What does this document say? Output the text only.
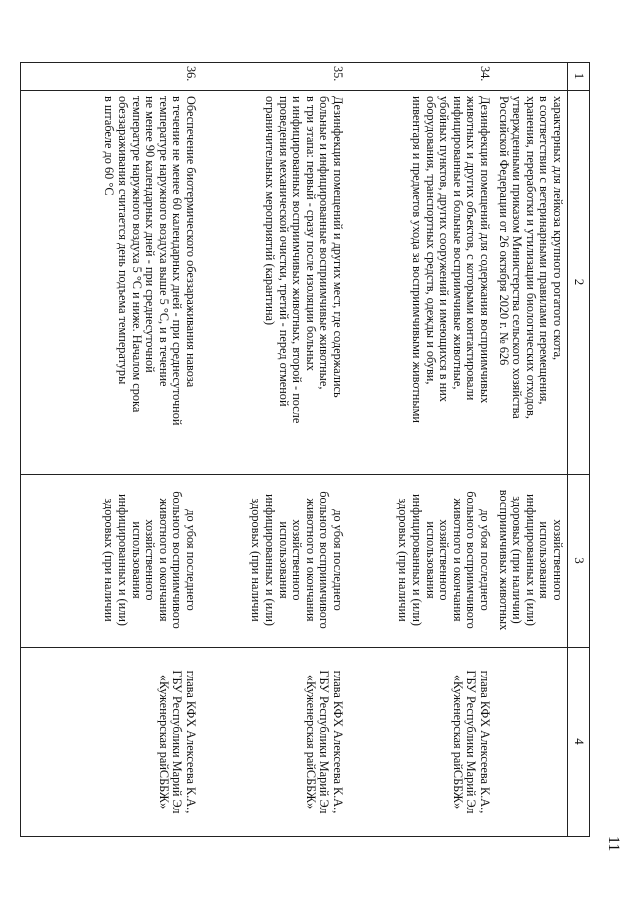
11
1
2
3
4
характерных для лейкоза крупного рогатого скота,
в соответствии с ветеринарными правилами перемещения,
хранения, переработки и утилизации биологических отходов,
утвержденными приказом Министерства сельского хозяйства
Российской Федерации от 26 октября 2020 г. № 626
хозяйственного
использования
инфицированных и (или)
здоровых (при наличии)
восприимчивых животных
34.
Дезинфекция помещений для содержания восприимчивых
животных и других объектов, с которыми контактировали
инфицированные и больные восприимчивые животные,
убойных пунктов, других сооружений и имеющихся в них
оборудования, транспортных средств, одежды и обуви,
инвентаря и предметов ухода за восприимчивыми животными
до убоя последнего
больного восприимчивого
животного и окончания
хозяйственного
использования
инфицированных и (или)
здоровых (при наличии
глава КФХ Алексеева К.А.,
ГБУ Республики Марий Эл
«Куженерская райСББЖ»
35.
Дезинфекция помещений и других мест, где содержались
больные и инфицированные восприимчивые животные,
в три этапа: первый - сразу после изоляции больных
и инфицированных восприимчивых животных, второй - после
проведения механической очистки, третий - перед отменой
ограничительных мероприятий (карантина)
до убоя последнего
больного восприимчивого
животного и окончания
хозяйственного
использования
инфицированных и (или)
здоровых (при наличии
глава КФХ Алексеева К.А.,
ГБУ Республики Марий Эл
«Куженерская райСББЖ»
36.
Обеспечение биотермического обеззараживания навоза
в течение не менее 60 календарных дней - при среднесуточной
температуре наружного воздуха выше 5 °С, и в течение
не менее 90 календарных дней - при среднесуточной
температуре наружного воздуха 5 °С и ниже. Началом срока
обеззараживания считается день подъема температуры
в штабеле до 60 °С
до убоя последнего
больного восприимчивого
животного и окончания
хозяйственного
использования
инфицированных и (или)
здоровых (при наличии
глава КФХ Алексеева К.А.,
ГБУ Республики Марий Эл
«Куженерская райСББЖ»
